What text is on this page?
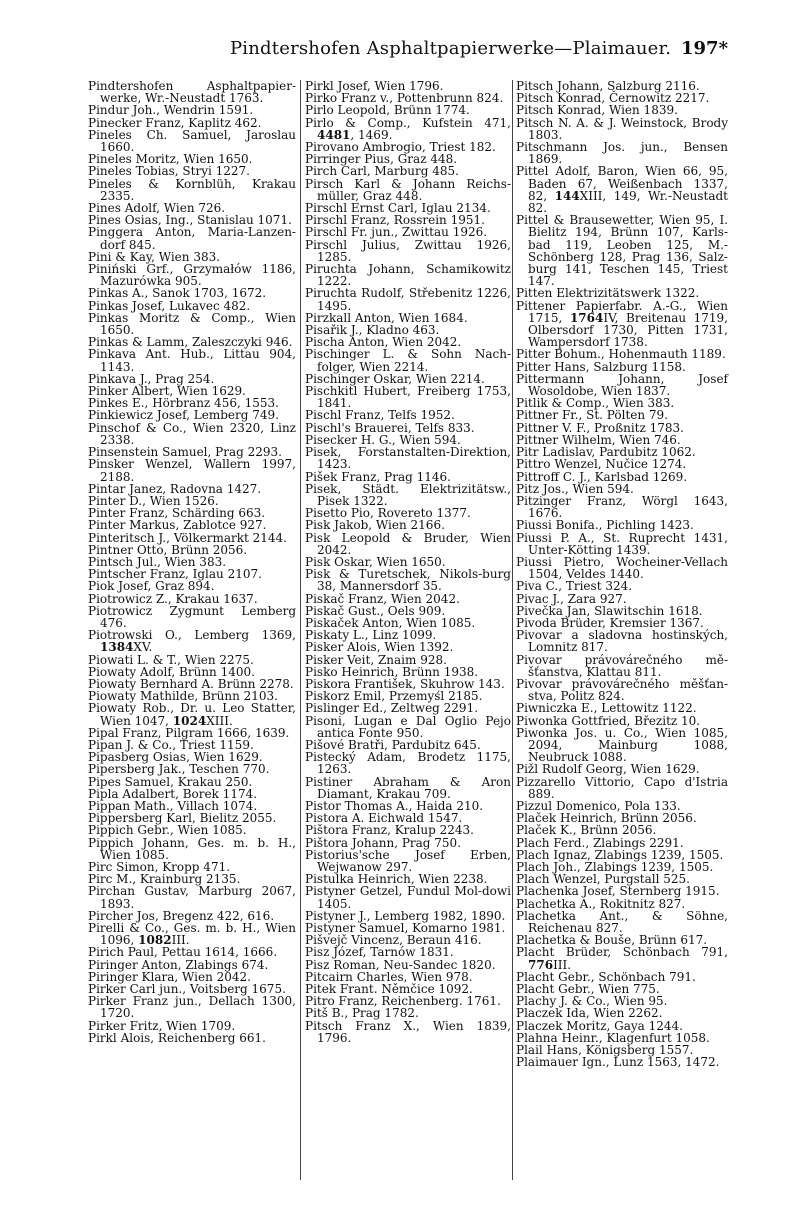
Pindtershofen Asphaltpapierwerke—Plaimauer. 197*

Pindtershofen Asphaltpapier-werke, Wr.-Neustadt 1763.

Pindur Joh., Wendrin 1591.

Pinecker Franz, Kaplitz 462.

Pineles Ch. Samuel, Jaroslau 1660.

Pineles Moritz, Wien 1650.

Pineles Tobias, Stryi 1227.

Pineles & Kornblüh, Krakau 2335.

Pines Adolf, Wien 726.

Pines Osias, Ing., Stanislau 1071.

Pinggera Anton, Maria-Lanzen-dorf 845.

Pini & Kay, Wien 383.

Piniński Grf., Grzymałów 1186, Mazurówka 905.

Pinkas A., Sanok 1703, 1672.

Pinkas Josef, Lukavec 482.

Pinkas Moritz & Comp., Wien 1650.

Pinkas & Lamm, Zaleszczyki 946.

Pinkava Ant. Hub., Littau 904, 1143.

Pinkava J., Prag 254.

Pinker Albert, Wien 1629.

Pinkes E., Hörbranz 456, 1553.

Pinkiewicz Josef, Lemberg 749.

Pinschof & Co., Wien 2320, Linz 2338.

Pinsenstein Samuel, Prag 2293.

Pinsker Wenzel, Wallern 1997, 2188.

Pintar Janez, Radovna 1427.

Pinter D., Wien 1526.

Pinter Franz, Schärding 663.

Pinter Markus, Zablotce 927.

Pinteritsch J., Völkermarkt 2144.

Pintner Otto, Brünn 2056.

Pintsch Jul., Wien 383.

Pintscher Franz, Iglau 2107.

Piok Josef, Graz 894.

Piotrowicz Z., Krakau 1637.

Piotrowicz Zygmunt Lemberg 476.

Piotrowski O., Lemberg 1369, 1384XV.

Piowati L. & T., Wien 2275.

Piowaty Adolf, Brünn 1400.

Piowaty Bernhard A. Brünn 2278.

Piowaty Mathilde, Brünn 2103.

Piowaty Rob., Dr. u. Leo Statter, Wien 1047, 1024XIII.

Pipal Franz, Pilgram 1666, 1639.

Pipan J. & Co., Triest 1159.

Pipasberg Osias, Wien 1629.

Pipersberg Jak., Teschen 770.

Pipes Samuel, Krakau 250.

Pipla Adalbert, Borek 1174.

Pippan Math., Villach 1074.

Pippersberg Karl, Bielitz 2055.

Pippich Gebr., Wien 1085.

Pippich Johann, Ges. m. b. H., Wien 1085.

Pirc Simon, Kropp 471.

Pirc M., Krainburg 2135.

Pirchan Gustav, Marburg 2067, 1893.

Pircher Jos, Bregenz 422, 616.

Pirelli & Co., Ges. m. b. H., Wien 1096, 1082III.

Pirich Paul, Pettau 1614, 1666.

Piringer Anton, Zlabings 674.

Piringer Klara, Wien 2042.

Pirker Carl jun., Voitsberg 1675.

Pirker Franz jun., Dellach 1300, 1720.

Pirker Fritz, Wien 1709.

Pirkl Alois, Reichenberg 661.

Pirkl Josef, Wien 1796.

Pirko Franz v., Pottenbrunn 824.

Pirlo Leopold, Brünn 1774.

Pirlo & Comp., Kufstein 471, 4481, 1469.

Pirovano Ambrogio, Triest 182.

Pirringer Pius, Graz 448.

Pirch Carl, Marburg 485.

Pirsch Karl & Johann Reichs-müller, Graz 448.

Pirschl Ernst Carl, Iglau 2134.

Pirschl Franz, Rossrein 1951.

Pirschl Fr. jun., Zwittau 1926.

Pirschl Julius, Zwittau 1926, 1285.

Piruchta Johann, Schamikowitz 1222.

Piruchta Rudolf, Střebenitz 1226, 1495.

Pirzkall Anton, Wien 1684.

Pisařik J., Kladno 463.

Pischa Anton, Wien 2042.

Pischinger L. & Sohn Nach-folger, Wien 2214.

Pischinger Oskar, Wien 2214.

Pischkitl Hubert, Freiberg 1753, 1841.

Pischl Franz, Telfs 1952.

Pischl's Brauerei, Telfs 833.

Pisecker H. G., Wien 594.

Pisek, Forstanstalten-Direktion, 1423.

Pišek Franz, Prag 1146.

Pisek, Städt. Elektrizitätsw., Pisek 1322.

Pisetto Pio, Rovereto 1377.

Pisk Jakob, Wien 2166.

Pisk Leopold & Bruder, Wien 2042.

Pisk Oskar, Wien 1650.

Pisk & Turetschek, Nikols-burg 38, Mannersdorf 35.

Piskač Franz, Wien 2042.

Piskač Gust., Oels 909.

Piskaček Anton, Wien 1085.

Piskaty L., Linz 1099.

Pisker Alois, Wien 1392.

Pisker Veit, Znaim 928.

Pisko Heinrich, Brünn 1938.

Piskora František, Skuhrow 143.

Piskorz Emil, Przemyśl 2185.

Pislinger Ed., Zeltweg 2291.

Pisoni, Lugan e Dal Oglio Pejo antica Fonte 950.

Pišové Bratři, Pardubitz 645.

Pistecký Adam, Brodetz 1175, 1263.

Pistiner Abraham & Aron Diamant, Krakau 709.

Pistor Thomas A., Haida 210.

Pistora A. Eichwald 1547.

Pištora Franz, Kralup 2243.

Pištora Johann, Prag 750.

Pistorius'sche Josef Erben, Wejwanow 297.

Pistulka Heinrich, Wien 2238.

Pistyner Getzel, Fundul Mol-dowi 1405.

Pistyner J., Lemberg 1982, 1890.

Pistyner Samuel, Komarno 1981.

Pišvejč Vincenz, Beraun 416.

Pisz Józef, Tarnów 1831.

Pisz Roman, Neu-Sandec 1820.

Pitcairn Charles, Wien 978.

Pitek Frant. Němčice 1092.

Pitro Franz, Reichenberg. 1761.

Pitš B., Prag 1782.

Pitsch Franz X., Wien 1839, 1796.

Pitsch Johann, Salzburg 2116.

Pitsch Konrad, Černowitz 2217.

Pitsch Konrad, Wien 1839.

Pitsch N. A. & J. Weinstock, Brody 1803.

Pitschmann Jos. jun., Bensen 1869.

Pittel Adolf, Baron, Wien 66, 95, Baden 67, Weißenbach 1337, 82, 144XIII, 149, Wr.-Neustadt 82.

Pittel & Brausewetter, Wien 95, I. Bielitz 194, Brünn 107, Karls-bad 119, Leoben 125, M.-Schönberg 128, Prag 136, Salz-burg 141, Teschen 145, Triest 147.

Pitten Elektrizitätswerk 1322.

Pittener Papierfabr. A.-G., Wien 1715, 1764IV, Breitenau 1719, Olbersdorf 1730, Pitten 1731, Wampersdorf 1738.

Pitter Bohum., Hohenmauth 1189.

Pitter Hans, Salzburg 1158.

Pittermann Johann, Josef Wosoldobe, Wien 1837.

Pitlik & Comp., Wien 383.

Pittner Fr., St. Pölten 79.

Pittner V. F., Proßnitz 1783.

Pittner Wilhelm, Wien 746.

Pitr Ladislav, Pardubitz 1062.

Pittro Wenzel, Nučice 1274.

Pittroff C. J., Karlsbad 1269.

Pitz Jos., Wien 594.

Pitzinger Franz, Wörgl 1643, 1676.

Piussi Bonifa., Pichling 1423.

Piussi P. A., St. Ruprecht 1431, Unter-Kötting 1439.

Piussi Pietro, Wocheiner-Vellach 1504, Veldes 1440.

Piva C., Triest 324.

Pivac J., Zara 927.

Pivečka Jan, Slawitschin 1618.

Pivoda Brüder, Kremsier 1367.

Pivovar a sladovna hostinských, Lomnitz 817.

Pivovar právovárečného mě-šťanstva, Klattau 811.

Pivovar právovárečného měšťan-stva, Politz 824.

Piwniczka E., Lettowitz 1122.

Piwonka Gottfried, Březitz 10.

Piwonka Jos. u. Co., Wien 1085, 2094, Mainburg 1088, Neubruck 1088.

Pižl Rudolf Georg, Wien 1629.

Pizzarello Vittorio, Capo d'Istria 889.

Pizzul Domenico, Pola 133.

Plaček Heinrich, Brünn 2056.

Plaček K., Brünn 2056.

Plach Ferd., Zlabings 2291.

Plach Ignaz, Zlabings 1239, 1505.

Plach Joh., Zlabings 1239, 1505.

Plach Wenzel, Purgstall 525.

Plachenka Josef, Sternberg 1915.

Plachetka A., Rokitnitz 827.

Plachetka Ant., & Söhne, Reichenau 827.

Plachetka & Bouše, Brünn 617.

Placht Brüder, Schönbach 791, 776III.

Placht Gebr., Schönbach 791.

Placht Gebr., Wien 775.

Plachy J. & Co., Wien 95.

Placzek Ida, Wien 2262.

Placzek Moritz, Gaya 1244.

Plahna Heinr., Klagenfurt 1058.

Plail Hans, Königsberg 1557.

Plaimauer Ign., Lunz 1563, 1472.
